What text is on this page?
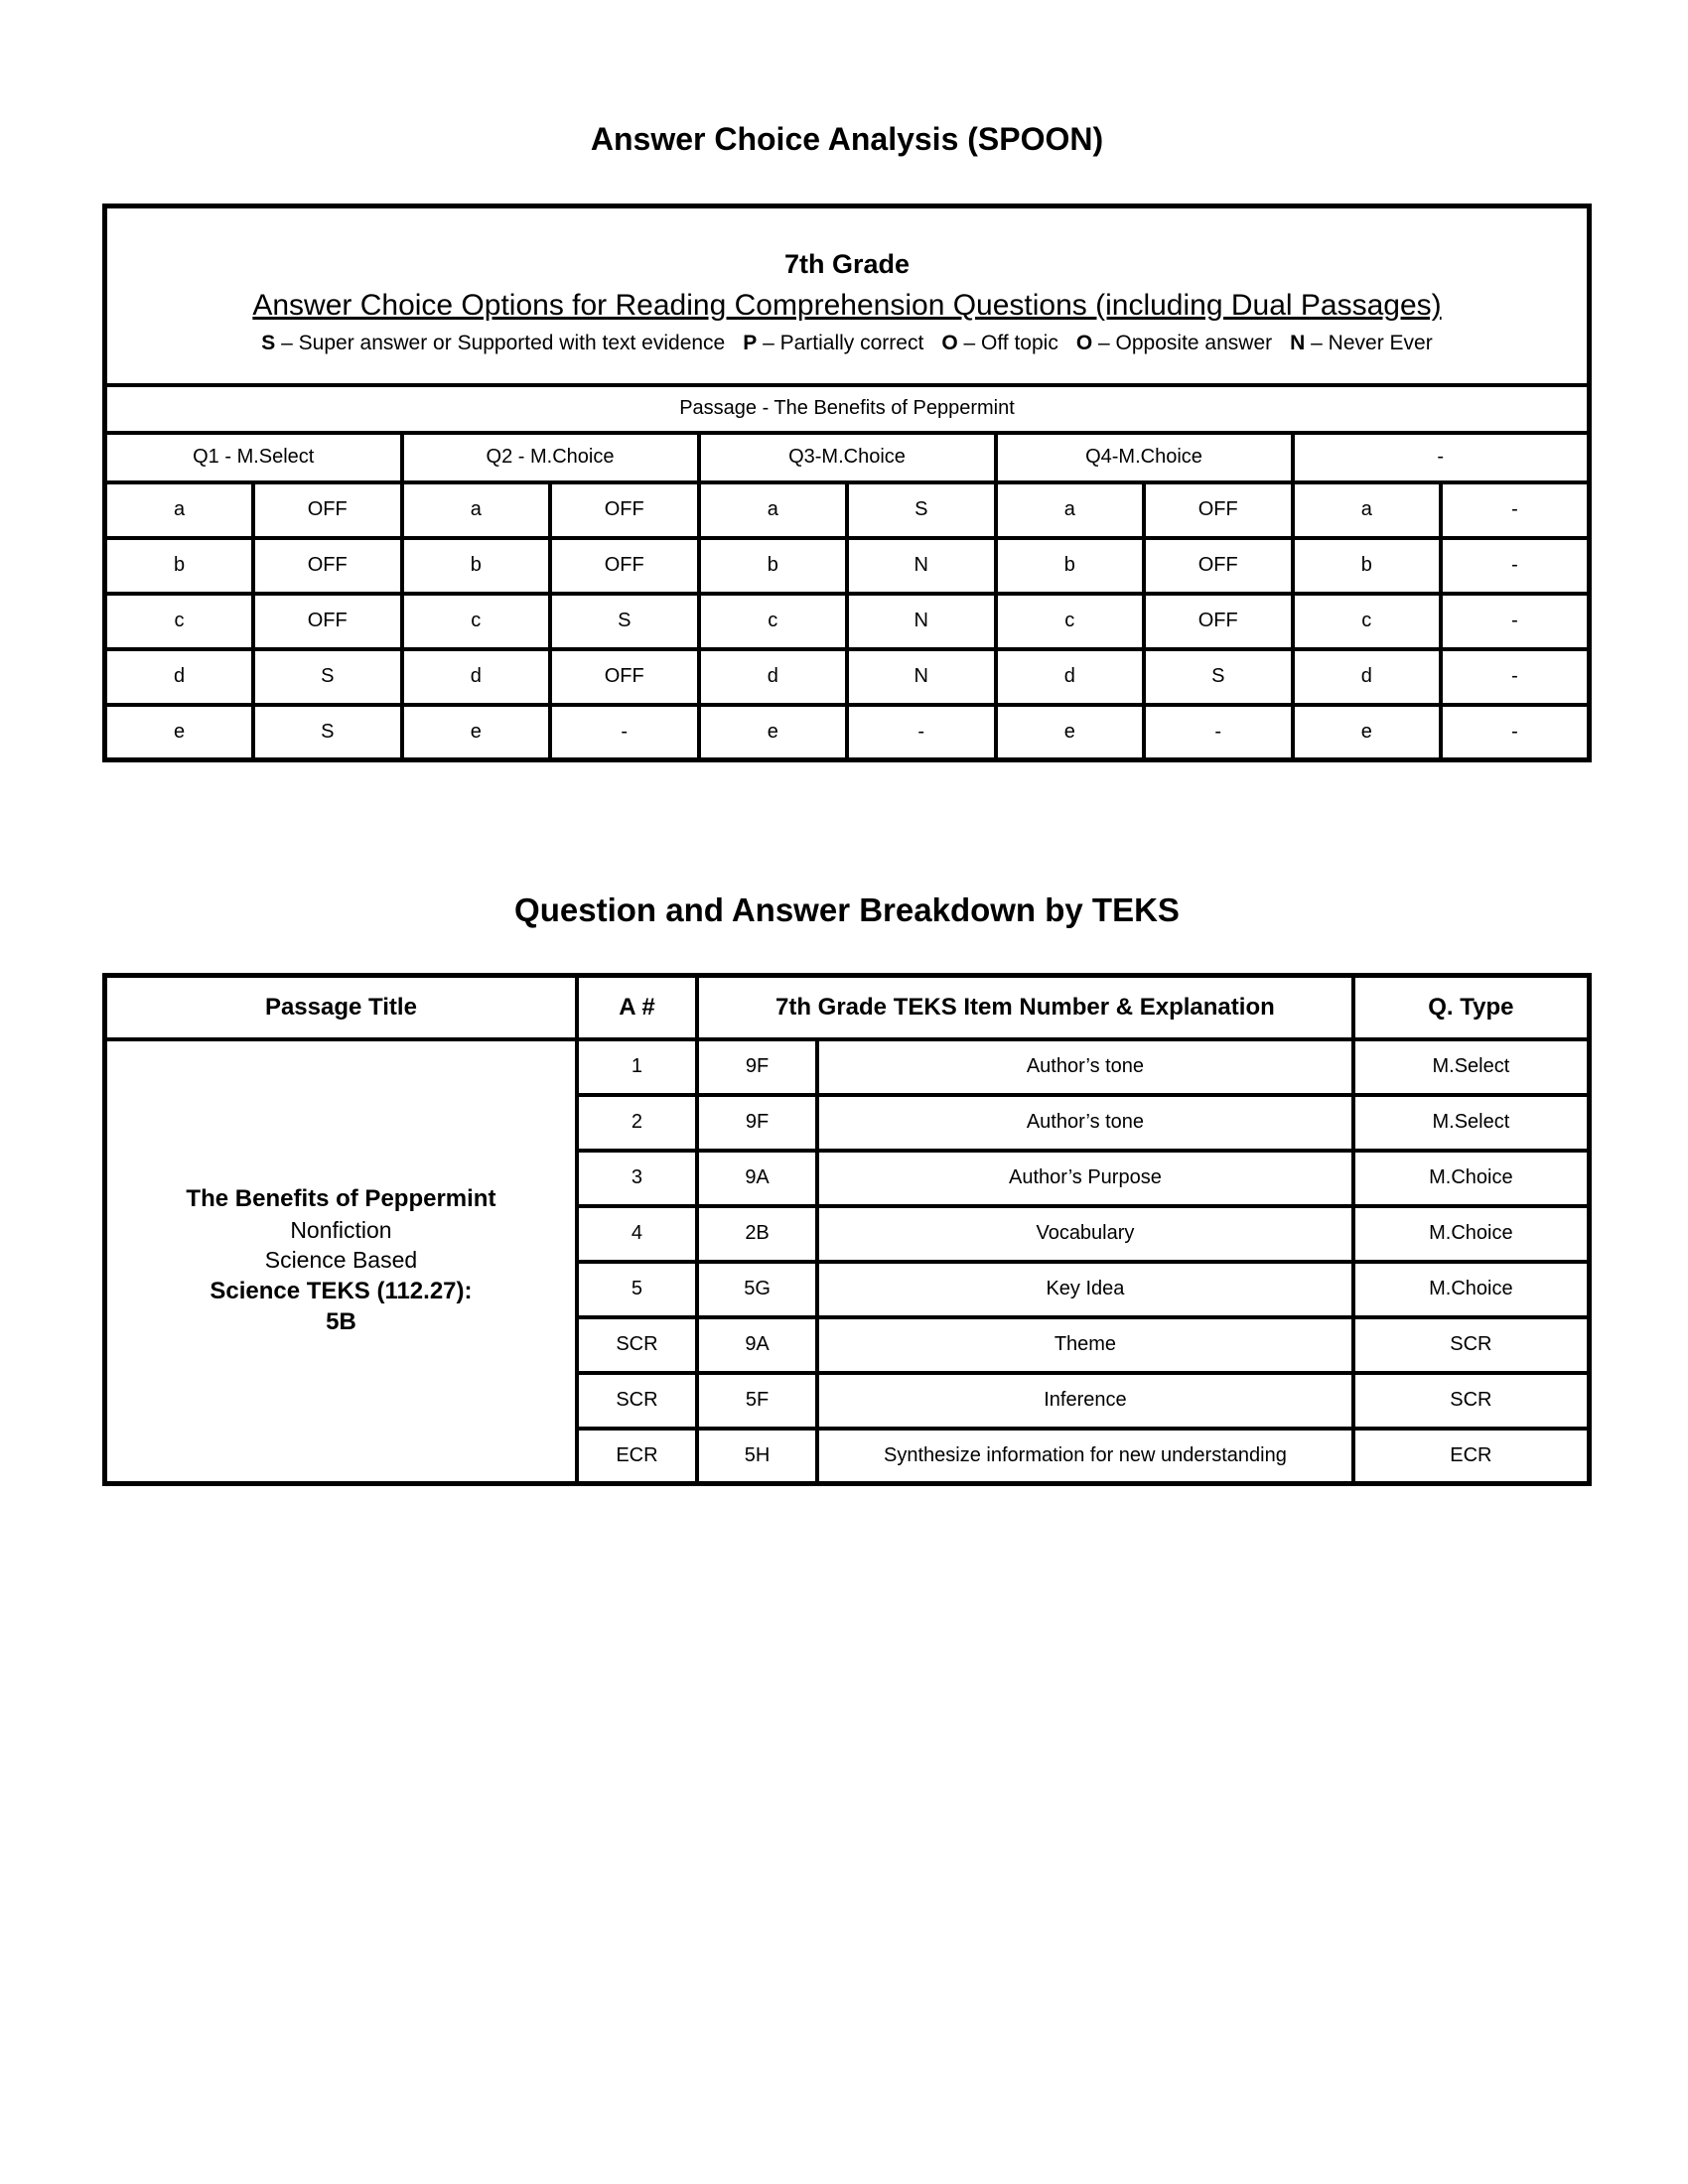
Answer Choice Analysis (SPOON)
7th Grade
Answer Choice Options for Reading Comprehension Questions (including Dual Passages)
S – Super answer or Supported with text evidence P – Partially correct O – Off topic O – Opposite answer N – Never Ever									

Passage - The Benefits of Peppermint									
Q1 - M.Select		Q2 - M.Choice		Q3-M.Choice		Q4-M.Choice		-	
a	OFF	a	OFF	a	S	a	OFF	a	-
b	OFF	b	OFF	b	N	b	OFF	b	-
c	OFF	c	S	c	N	c	OFF	c	-
d	S	d	OFF	d	N	d	S	d	-
e	S	e	-	e	-	e	-	e	-
Question and Answer Breakdown by TEKS
Passage Title	A #	7th Grade TEKS Item Number & Explanation		Q. Type

The Benefits of Peppermint
Nonfiction
Science Based
Science TEKS (112.27):
5B	1	9F	Author’s tone	M.Select
	2	9F	Author’s tone	M.Select
	3	9A	Author’s Purpose	M.Choice
	4	2B	Vocabulary	M.Choice
	5	5G	Key Idea	M.Choice
	SCR	9A	Theme	SCR
	SCR	5F	Inference	SCR
	ECR	5H	Synthesize information for new understanding	ECR
